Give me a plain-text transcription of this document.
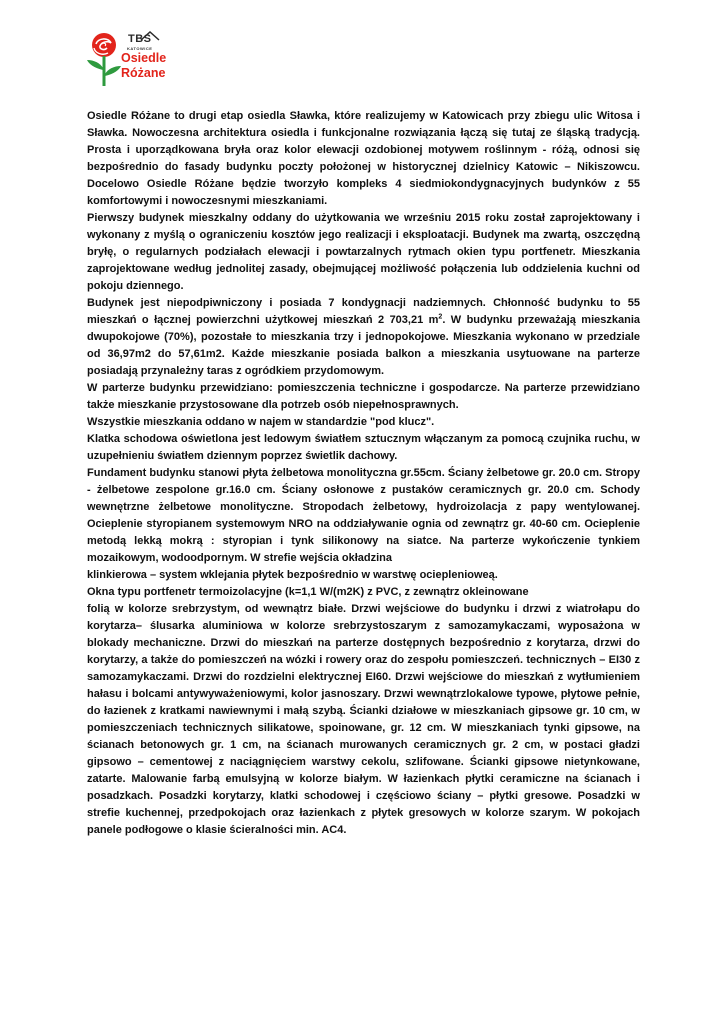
TBS
KATOWICE
Osiedle
Różane

Osiedle Różane to drugi etap osiedla Sławka, które realizujemy w Katowicach przy zbiegu ulic Witosa i Sławka. Nowoczesna architektura osiedla i funkcjonalne rozwiązania łączą się tutaj ze śląską tradycją. Prosta i uporządkowana bryła oraz kolor elewacji ozdobionej motywem roślinnym - różą, odnosi się bezpośrednio do fasady budynku poczty położonej w historycznej dzielnicy Katowic – Nikiszowcu. Docelowo Osiedle Różane będzie tworzyło kompleks 4 siedmiokondygnacyjnych budynków z 55 komfortowymi i nowoczesnymi mieszkaniami.

Pierwszy budynek mieszkalny oddany do użytkowania we wrześniu 2015 roku został zaprojektowany i wykonany z myślą o ograniczeniu kosztów jego realizacji i eksploatacji. Budynek ma zwartą, oszczędną bryłę, o regularnych podziałach elewacji i powtarzalnych rytmach okien typu portfenetr. Mieszkania zaprojektowane według jednolitej zasady, obejmującej możliwość połączenia lub oddzielenia kuchni od pokoju dziennego.

Budynek jest niepodpiwniczony i posiada 7 kondygnacji nadziemnych. Chłonność budynku to 55 mieszkań o łącznej powierzchni użytkowej mieszkań 2 703,21 $m^2$. W budynku przeważają mieszkania dwupokojowe (70%), pozostałe to mieszkania trzy i jednopokojowe. Mieszkania wykonano w przedziale od 36,97m2 do 57,61m2. Każde mieszkanie posiada balkon a mieszkania usytuowane na parterze posiadają przynależny taras z ogródkiem przydomowym.

W parterze budynku przewidziano: pomieszczenia techniczne i gospodarcze. Na parterze przewidziano także mieszkanie przystosowane dla potrzeb osób niepełnosprawnych.

Wszystkie mieszkania oddano w najem w standardzie "pod klucz".

Klatka schodowa oświetlona jest ledowym światłem sztucznym włączanym za pomocą czujnika ruchu, w uzupełnieniu światłem dziennym poprzez świetlik dachowy.

Fundament budynku stanowi płyta żelbetowa monolityczna gr.55cm. Ściany żelbetowe gr. 20.0 cm. Stropy - żelbetowe zespolone gr.16.0 cm. Ściany osłonowe z pustaków ceramicznych gr. 20.0 cm. Schody wewnętrzne żelbetowe monolityczne. Stropodach żelbetowy, hydroizolacja z papy wentylowanej. Ocieplenie styropianem systemowym NRO na oddziaływanie ognia od zewnątrz gr. 40-60 cm. Ocieplenie metodą lekką mokrą : styropian i tynk silikonowy na siatce. Na parterze wykończenie tynkiem mozaikowym, wodoodpornym. W strefie wejścia okładzina

klinkierowa – system wklejania płytek bezpośrednio w warstwę ocieplenioweą.

Okna typu portfenetr termoizolacyjne (k=1,1 W/(m2K) z PVC, z zewnątrz okleinowane

folią w kolorze srebrzystym, od wewnątrz białe. Drzwi wejściowe do budynku i drzwi z wiatrołapu do korytarza– ślusarka aluminiowa w kolorze srebrzystoszarym z samozamykaczami, wyposażona w blokady mechaniczne. Drzwi do mieszkań na parterze dostępnych bezpośrednio z korytarza, drzwi do korytarzy, a także do pomieszczeń na wózki i rowery oraz do zespołu pomieszczeń. technicznych – EI30 z samozamykaczami. Drzwi do rozdzielni elektrycznej EI60. Drzwi wejściowe do mieszkań z wytłumieniem hałasu i bolcami antywyważeniowymi, kolor jasnoszary. Drzwi wewnątrzlokalowe typowe, płytowe pełnie, do łazienek z kratkami nawiewnymi i małą szybą. Ścianki działowe w mieszkaniach gipsowe gr. 10 cm, w pomieszczeniach technicznych silikatowe, spoinowane, gr. 12 cm. W mieszkaniach tynki gipsowe, na ścianach betonowych gr. 1 cm, na ścianach murowanych ceramicznych gr. 2 cm, w postaci gładzi gipsowo – cementowej z naciągnięciem warstwy cekolu, szlifowane. Ścianki gipsowe nietynkowane, zatarte. Malowanie farbą emulsyjną w kolorze białym. W łazienkach płytki ceramiczne na ścianach i posadzkach. Posadzki korytarzy, klatki schodowej i częściowo ściany – płytki gresowe. Posadzki w strefie kuchennej, przedpokojach oraz łazienkach z płytek gresowych w kolorze szarym. W pokojach panele podłogowe o klasie ścieralności min. AC4.
